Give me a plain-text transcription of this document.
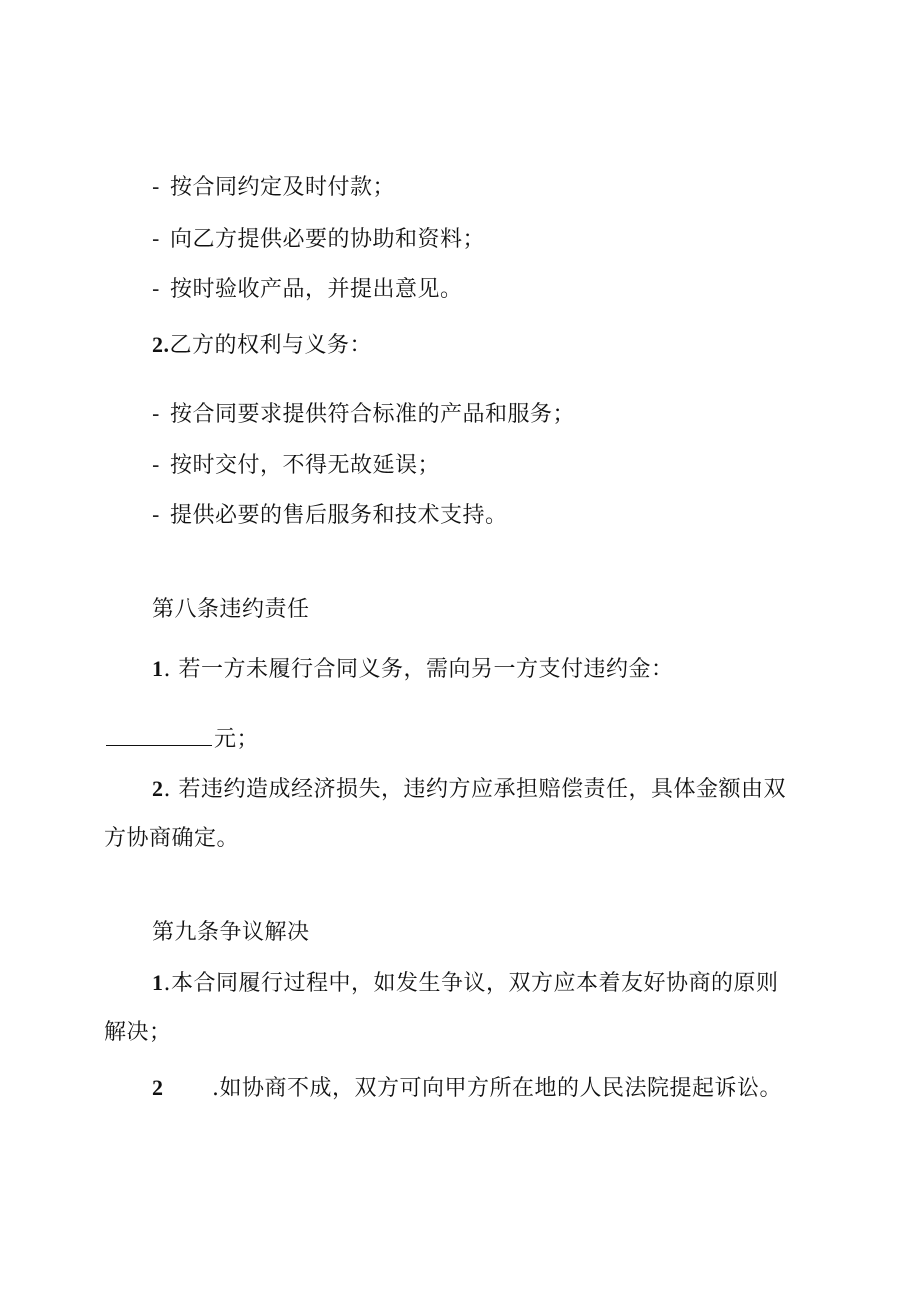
- 按合同约定及时付款；
- 向乙方提供必要的协助和资料；
- 按时验收产品，并提出意见。
2.乙方的权利与义务：
- 按合同要求提供符合标准的产品和服务；
- 按时交付，不得无故延误；
- 提供必要的售后服务和技术支持。
第八条违约责任
1. 若一方未履行合同义务，需向另一方支付违约金：
元；
2. 若违约造成经济损失，违约方应承担赔偿责任，具体金额由双
方协商确定。
第九条争议解决
1.本合同履行过程中，如发生争议，双方应本着友好协商的原则
解决；
2 .如协商不成，双方可向甲方所在地的人民法院提起诉讼。
